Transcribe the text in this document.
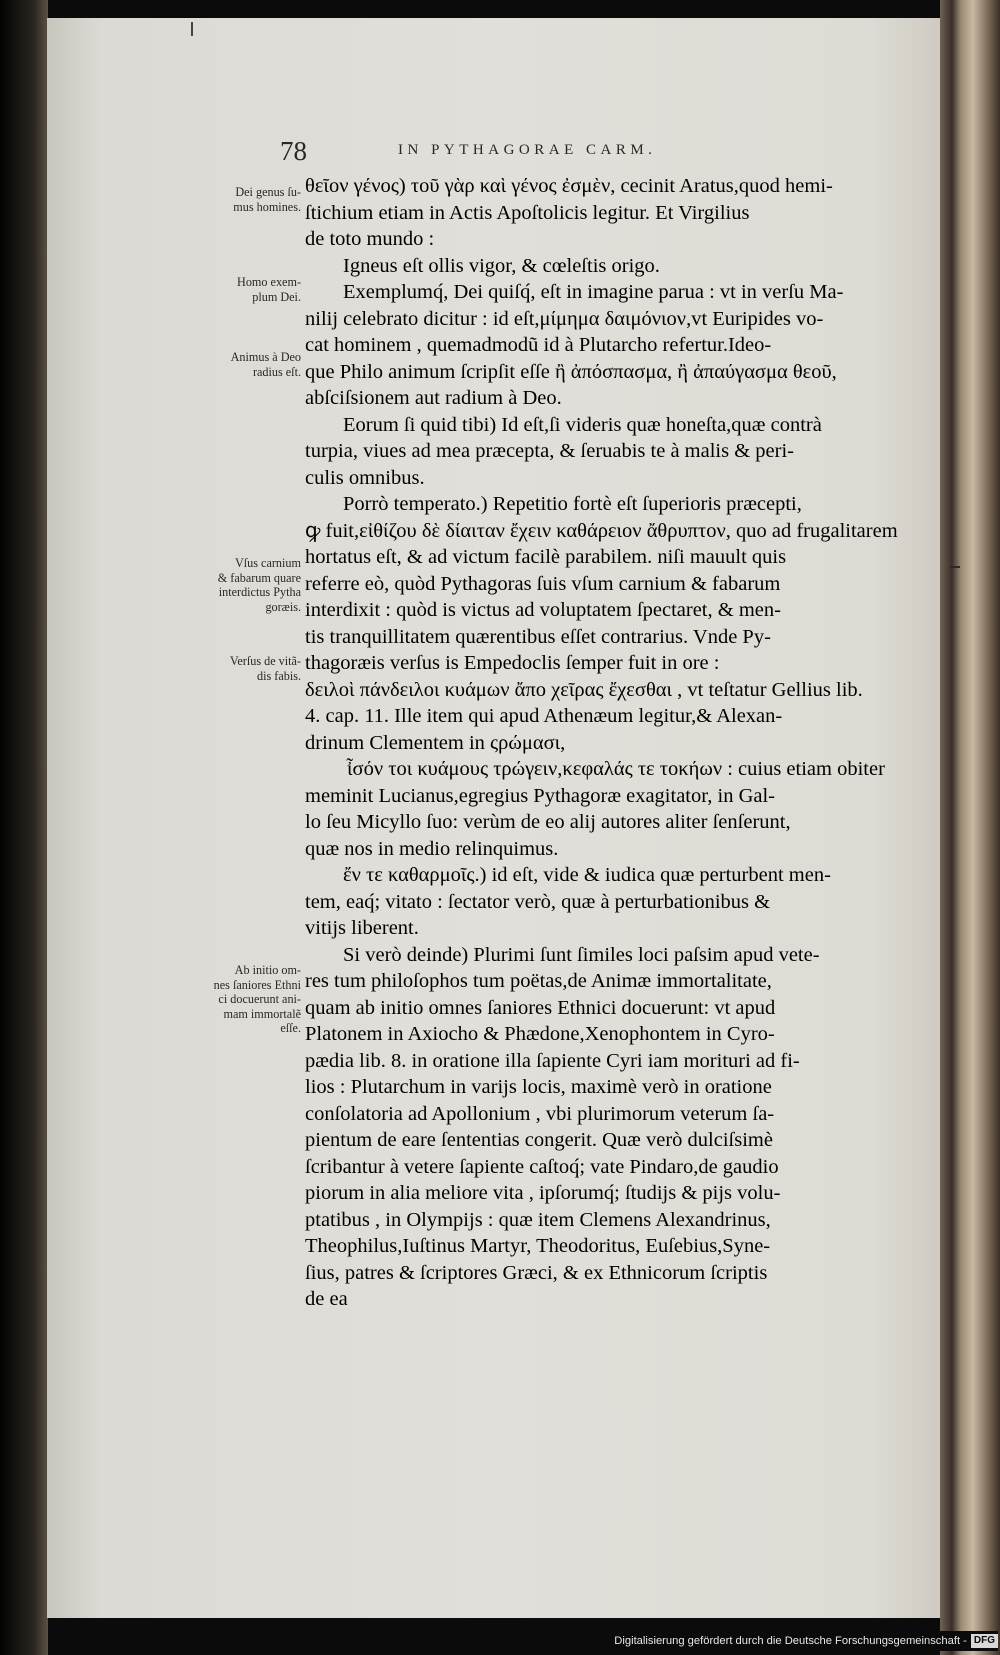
78	IN PYTHAGORAE CARM.
θεῖον γένος) τοῦ γὰρ καὶ γένος ἐσμὲν, cecinit Aratus,quod hemi-
ſtichium etiam in Actis Apoſtolicis legitur. Et Virgilius
de toto mundo :
Igneus eſt ollis vigor, & cœleſtis origo.
Exemplumq́, Dei quiſq́, eſt in imagine parua : vt in verſu Ma-
nilij celebrato dicitur : id eſt,μίμημα δαιμόνιον,vt Euripides vo-
cat hominem , quemadmodũ id à Plutarcho refertur.Ideo-
que Philo animum ſcripſit eſſe ἢ ἀπόσπασμα, ἢ ἀπαύγασμα θεοῦ,
abſciſsionem aut radium à Deo.
Eorum ſi quid tibi) Id eſt,ſi videris quæ honeſta,quæ contrà
turpia, viues ad mea præcepta, & ſeruabis te à malis & peri-
culis omnibus.
Porrò temperato.) Repetitio fortè eſt ſuperioris præcepti,
ꝙ fuit,εἰθίζου δὲ δίαιταν ἔχειν καθάρειον ἄθρυπτον, quo ad frugalitarem
hortatus eſt, & ad victum facilè parabilem. niſi mauult quis
referre eò, quòd Pythagoras ſuis vſum carnium & fabarum
interdixit : quòd is victus ad voluptatem ſpectaret, & men-
tis tranquillitatem quærentibus eſſet contrarius. Vnde Py-
thagoræis verſus is Empedoclis ſemper fuit in ore :
δειλοὶ πάνδειλοι κυάμων ἄπο χεῖρας ἔχεσθαι , vt teſtatur Gellius lib.
4. cap. 11. Ille item qui apud Athenæum legitur,& Alexan-
drinum Clementem in ςρώμασι,
ἶσόν τοι κυάμους τρώγειν,κεφαλάς τε τοκήων : cuius etiam obiter
meminit Lucianus,egregius Pythagoræ exagitator, in Gal-
lo ſeu Micyllo ſuo: verùm de eo alij autores aliter ſenſerunt,
quæ nos in medio relinquimus.
ἔν τε καθαρμοῖς.) id eſt, vide & iudica quæ perturbent men-
tem, eaq́; vitato : ſectator verò, quæ à perturbationibus &
vitijs liberent.
Si verò deinde) Plurimi ſunt ſimiles loci paſsim apud vete-
res tum philoſophos tum poëtas,de Animæ immortalitate,
quam ab initio omnes ſaniores Ethnici docuerunt: vt apud
Platonem in Axiocho & Phædone,Xenophontem in Cyro-
pædia lib. 8. in oratione illa ſapiente Cyri iam morituri ad fi-
lios : Plutarchum in varijs locis, maximè verò in oratione
conſolatoria ad Apollonium , vbi plurimorum veterum ſa-
pientum de eare ſententias congerit. Quæ verò dulciſsimè
ſcribantur à vetere ſapiente caſtoq́; vate Pindaro,de gaudio
piorum in alia meliore vita , ipſorumq́; ſtudijs & pijs volu-
ptatibus , in Olympijs : quæ item Clemens Alexandrinus,
Theophilus,Iuſtinus Martyr, Theodoritus, Euſebius,Syne-
ſius, patres & ſcriptores Græci, & ex Ethnicorum ſcriptis
de ea
Dei genus ſu-
mus homines.
Homo exem-
plum Dei.
Animus à Deo
radius eſt.
Vſus carnium
& fabarum quare
interdictus Pytha
goræis.
Verſus de vitã-
dis fabis.
Ab initio om-
nes ſaniores Ethni
ci docuerunt ani-
mam immortalẽ
eſſe.
Digitalisierung gefördert durch die Deutsche Forschungsgemeinschaft - DFG
